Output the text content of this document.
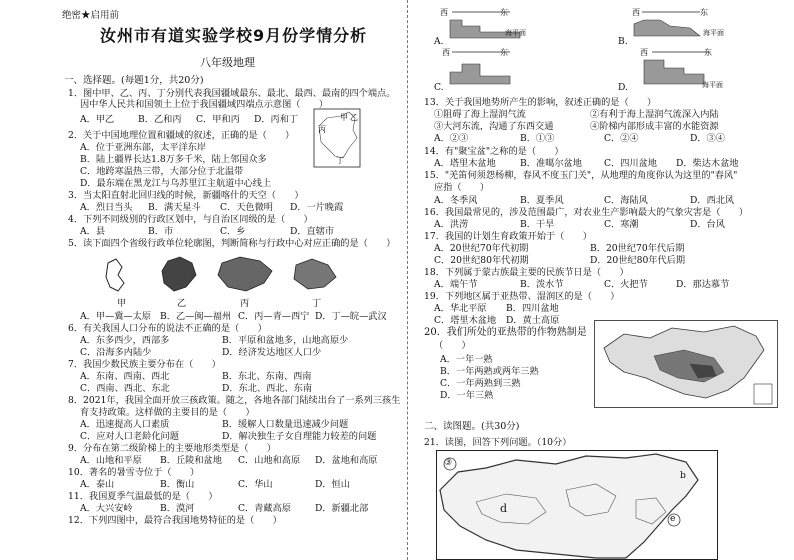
绝密★启用前
汝州市有道实验学校9月份学情分析
八年级地理
一、选择题。(每题1分，共20分)
1．图中甲、乙、丙、丁分别代表我国疆域最东、最北、最西、最南的四个端点。
因中华人民共和国领土上位于我国疆域四端点示意图（　　）
A．甲乙	B．乙和丙 C．甲和丙 D．丙和丁	乙
甲
丙
丁
2．关于中国地理位置和疆域的叙述，正确的是（　　）
A．位于亚洲东部，太平洋东岸
B．陆上疆界长达1.8万多千米，陆上邻国众多
C．地跨寒温热三带，大部分位于北温带
D．最东端在黑龙江与乌苏里江主航道中心线上
3．当太阳直射北回归线的时候，新疆喀什的天空（　　）
A．烈日当头 B．满天星斗 C．天色微明 D．一片晚霞
4．下列不同级别的行政区划中，与自治区同级的是（　　）
A．县	B．市	C．乡	D．直辖市
5．读下面四个省级行政单位轮廓图，判断简称与行政中心对应正确的是（　　）
甲	乙	丙	丁
A．甲—冀—太原 B．乙—闽—福州 C．丙—青—西宁 D．丁—皖—武汉
6．有关我国人口分布的说法不正确的是（　　）
A．东多西少，西部多	B．平原和盆地多，山地高原少
C．沿海多内陆少	D．经济发达地区人口少
7．我国少数民族主要分布在（　　）
A．东南、西南、西北	B．东北、东南、西南
C．西南、西北、东北	D．东北、西北、东南
8．2021年，我国全面开放三孩政策。随之，各地各部门陆续出台了一系列三孩生
育支持政策。这样做的主要目的是（　　）
A．迅速提高人口素质	B．缓解人口数量迅速减少问题
C．应对人口老龄化问题	D．解决独生子女自理能力较差的问题
9．分布在第二级阶梯上的主要地形类型是（　　）
A．山地和平原 B．丘陵和盆地 C．山地和高原 D．盆地和高原
10．著名的暑雪寺位于（　　）
A．泰山	B．衡山	C．华山	D．恒山
11．我国夏季气温最低的是（　　）
A．大兴安岭	B．漠河	C．青藏高原	D．新疆北部
12．下列四图中，最符合我国地势特征的是（　　）
西	东
海平面
A.
西	东
海平面
B.
西	东
C.
西	东
海平面
D.
13．关于我国地势所产生的影响，叙述正确的是（　　）
①阻碍了海上湿润气流	②有利于海上湿润气流深入内陆
③大河东流，沟通了东西交通	④阶梯内部形成丰富的水能资源
A．②③	B．①③	C．②④	D．③④
14．有"聚宝盆"之称的是（　　）
A．塔里木盆地	B．准噶尔盆地 C．四川盆地 D．柴达木盆地
15．"羌笛何须怨杨柳，春风不度玉门关"，从地理的角度你认为这里的"春风"
应指（　　）
A．冬季风	B．夏季风	C．海陆风	D．西北风
16．我国最常见的，涉及范围最广，对农业生产影响最大的气象灾害是（　　）
A．洪涝	B．干旱	C．寒潮	D．台风
17．我国的计划生育政策开始于（　　）
A．20世纪70年代初期	B．20世纪70年代后期
C．20世纪80年代初期	D．20世纪80年代后期
18．下列属于蒙古族最主要的民族节日是（　　）
A．端午节	B．泼水节	C．火把节	D．那达慕节
19．下列地区属于亚热带、湿润区的是（　　）
A．华北平原 B．四川盆地
C．塔里木盆地 D．黄土高原
20．我们所处的亚热带的作物熟制是
（　　）
A．一年一熟
B．一年两熟或两年三熟
C．一年两熟到三熟
D．一年三熟
二、读图题。(共30分)
21．读图，回答下列问题。（10分）
③
d
b
e
